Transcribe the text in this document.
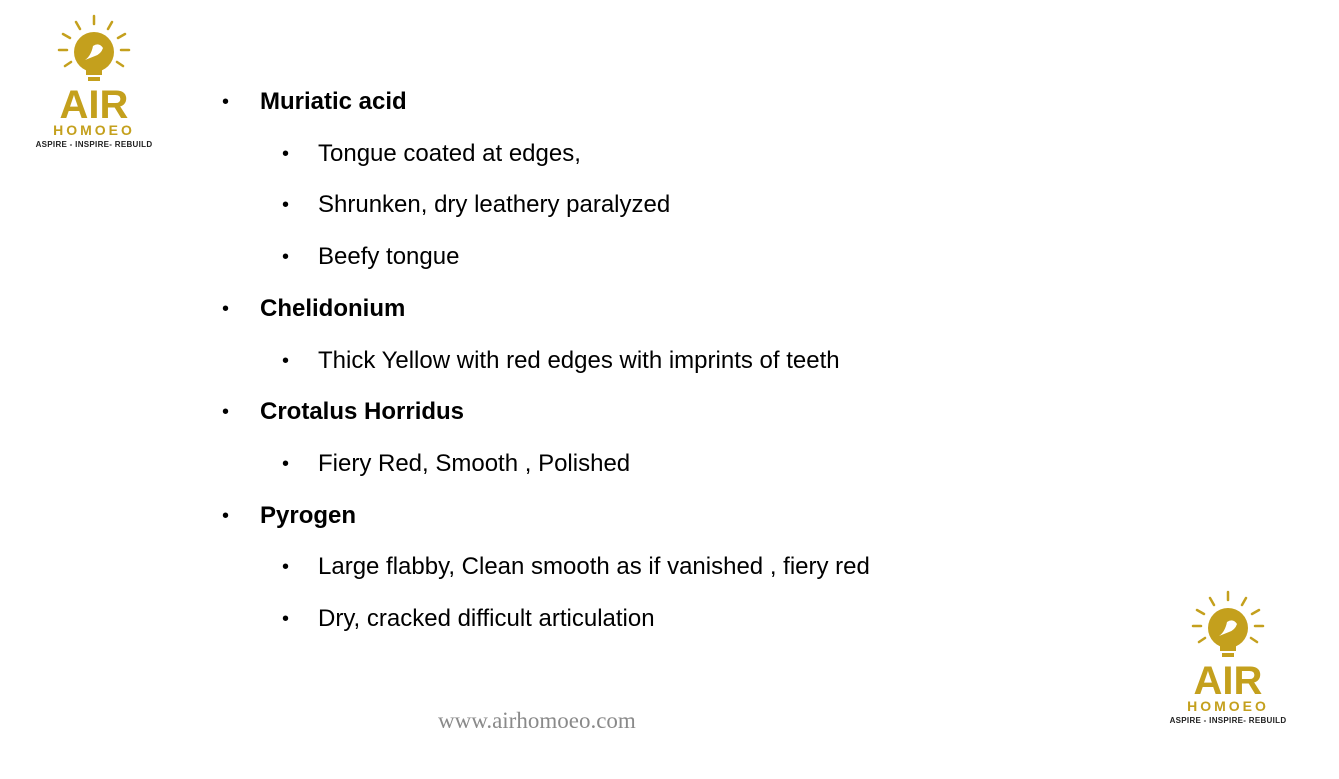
AIR
HOMOEO
ASPIRE - INSPIRE- REBUILD
• Muriatic acid
• Tongue coated at edges,
• Shrunken, dry leathery paralyzed
• Beefy tongue
• Chelidonium
• Thick Yellow with red edges with imprints of teeth
• Crotalus Horridus
• Fiery Red, Smooth , Polished
• Pyrogen
• Large flabby, Clean smooth as if vanished , fiery red
• Dry, cracked difficult articulation
www.airhomoeo.com
AIR
HOMOEO
ASPIRE - INSPIRE- REBUILD
